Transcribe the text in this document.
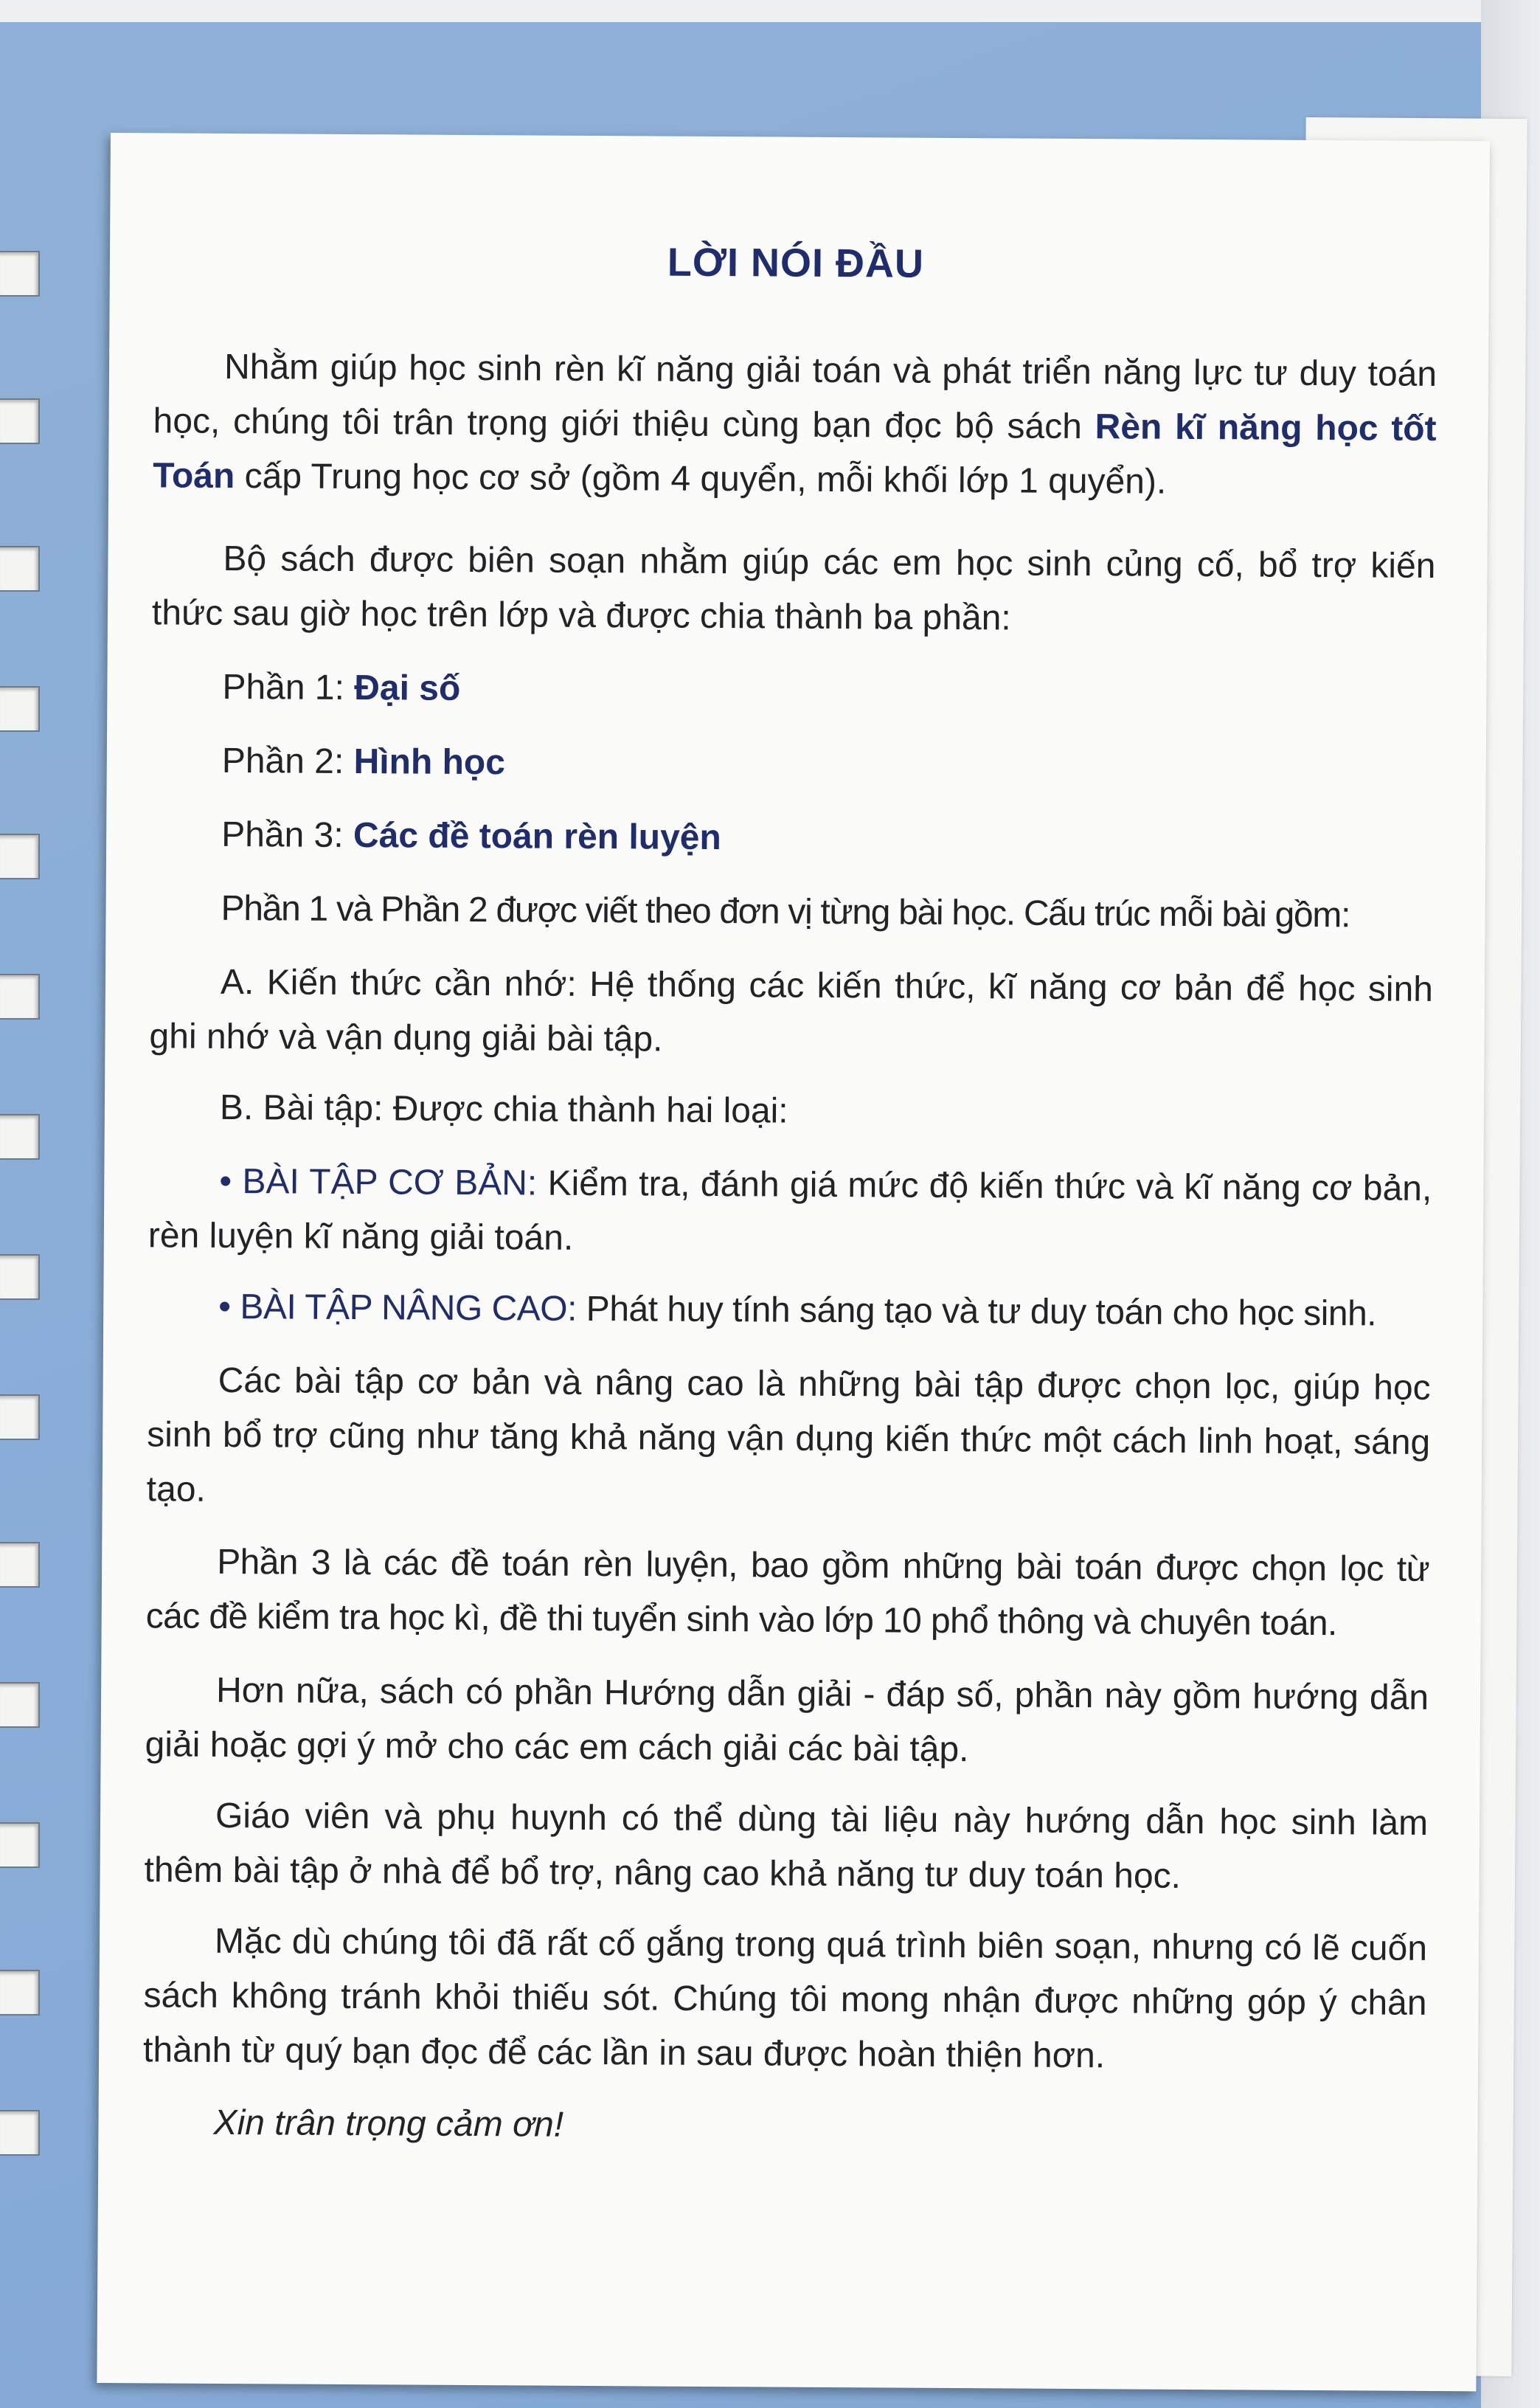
LỜI NÓI ĐẦU

Nhằm giúp học sinh rèn kĩ năng giải toán và phát triển năng lực tư duy toán học, chúng tôi trân trọng giới thiệu cùng bạn đọc bộ sách Rèn kĩ năng học tốt Toán cấp Trung học cơ sở (gồm 4 quyển, mỗi khối lớp 1 quyển).

Bộ sách được biên soạn nhằm giúp các em học sinh củng cố, bổ trợ kiến thức sau giờ học trên lớp và được chia thành ba phần:

Phần 1: Đại số

Phần 2: Hình học

Phần 3: Các đề toán rèn luyện

Phần 1 và Phần 2 được viết theo đơn vị từng bài học. Cấu trúc mỗi bài gồm:

A. Kiến thức cần nhớ: Hệ thống các kiến thức, kĩ năng cơ bản để học sinh ghi nhớ và vận dụng giải bài tập.

B. Bài tập: Được chia thành hai loại:

• BÀI TẬP CƠ BẢN: Kiểm tra, đánh giá mức độ kiến thức và kĩ năng cơ bản, rèn luyện kĩ năng giải toán.

• BÀI TẬP NÂNG CAO: Phát huy tính sáng tạo và tư duy toán cho học sinh.

Các bài tập cơ bản và nâng cao là những bài tập được chọn lọc, giúp học sinh bổ trợ cũng như tăng khả năng vận dụng kiến thức một cách linh hoạt, sáng tạo.

Phần 3 là các đề toán rèn luyện, bao gồm những bài toán được chọn lọc từ các đề kiểm tra học kì, đề thi tuyển sinh vào lớp 10 phổ thông và chuyên toán.

Hơn nữa, sách có phần Hướng dẫn giải - đáp số, phần này gồm hướng dẫn giải hoặc gợi ý mở cho các em cách giải các bài tập.

Giáo viên và phụ huynh có thể dùng tài liệu này hướng dẫn học sinh làm thêm bài tập ở nhà để bổ trợ, nâng cao khả năng tư duy toán học.

Mặc dù chúng tôi đã rất cố gắng trong quá trình biên soạn, nhưng có lẽ cuốn sách không tránh khỏi thiếu sót. Chúng tôi mong nhận được những góp ý chân thành từ quý bạn đọc để các lần in sau được hoàn thiện hơn.

Xin trân trọng cảm ơn!
